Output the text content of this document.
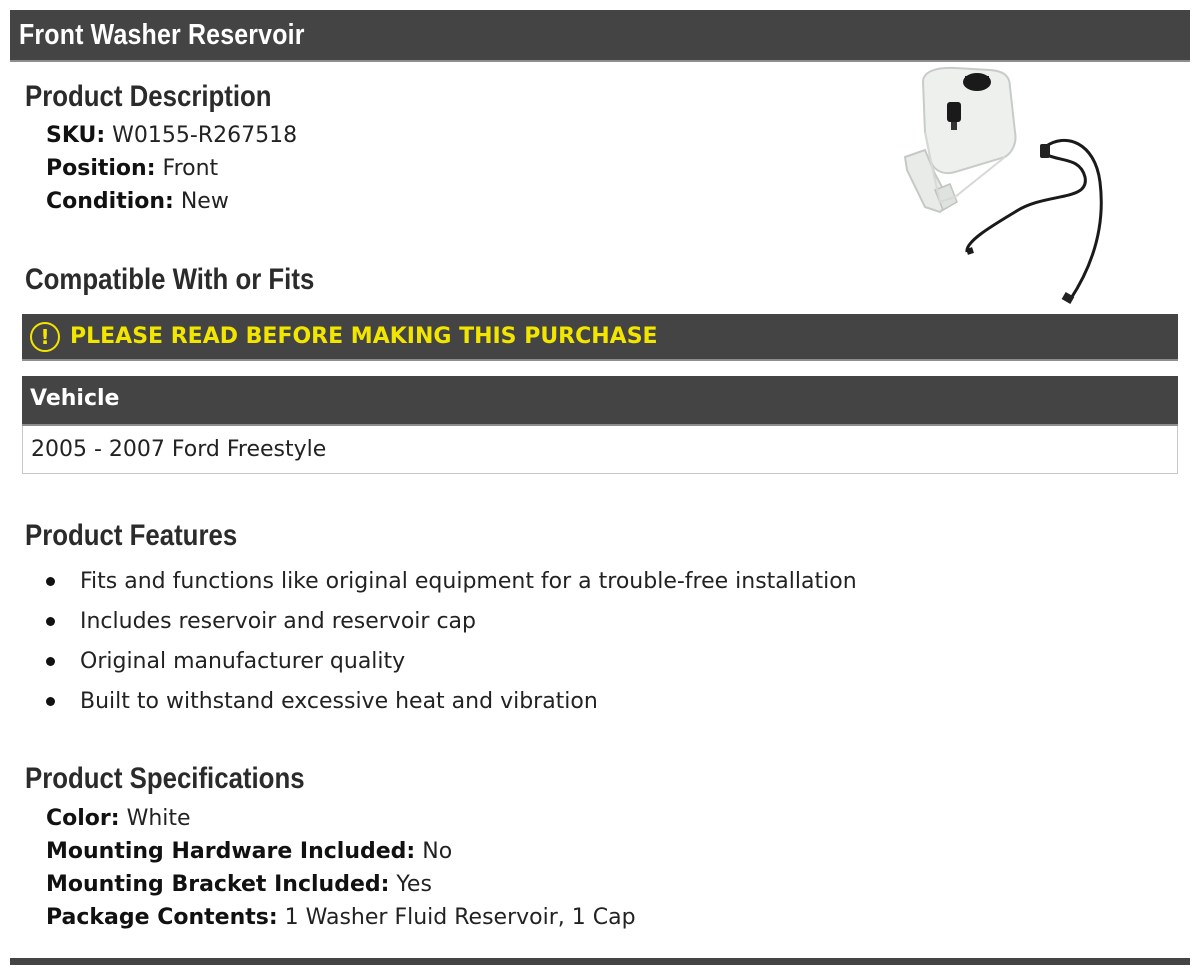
Front Washer Reservoir
Product Description
SKU: W0155-R267518
Position: Front
Condition: New
Compatible With or Fits
! PLEASE READ BEFORE MAKING THIS PURCHASE
Vehicle
2005 - 2007 Ford Freestyle
Product Features
Fits and functions like original equipment for a trouble-free installation
Includes reservoir and reservoir cap
Original manufacturer quality
Built to withstand excessive heat and vibration
Product Specifications
Color: White
Mounting Hardware Included: No
Mounting Bracket Included: Yes
Package Contents: 1 Washer Fluid Reservoir, 1 Cap
